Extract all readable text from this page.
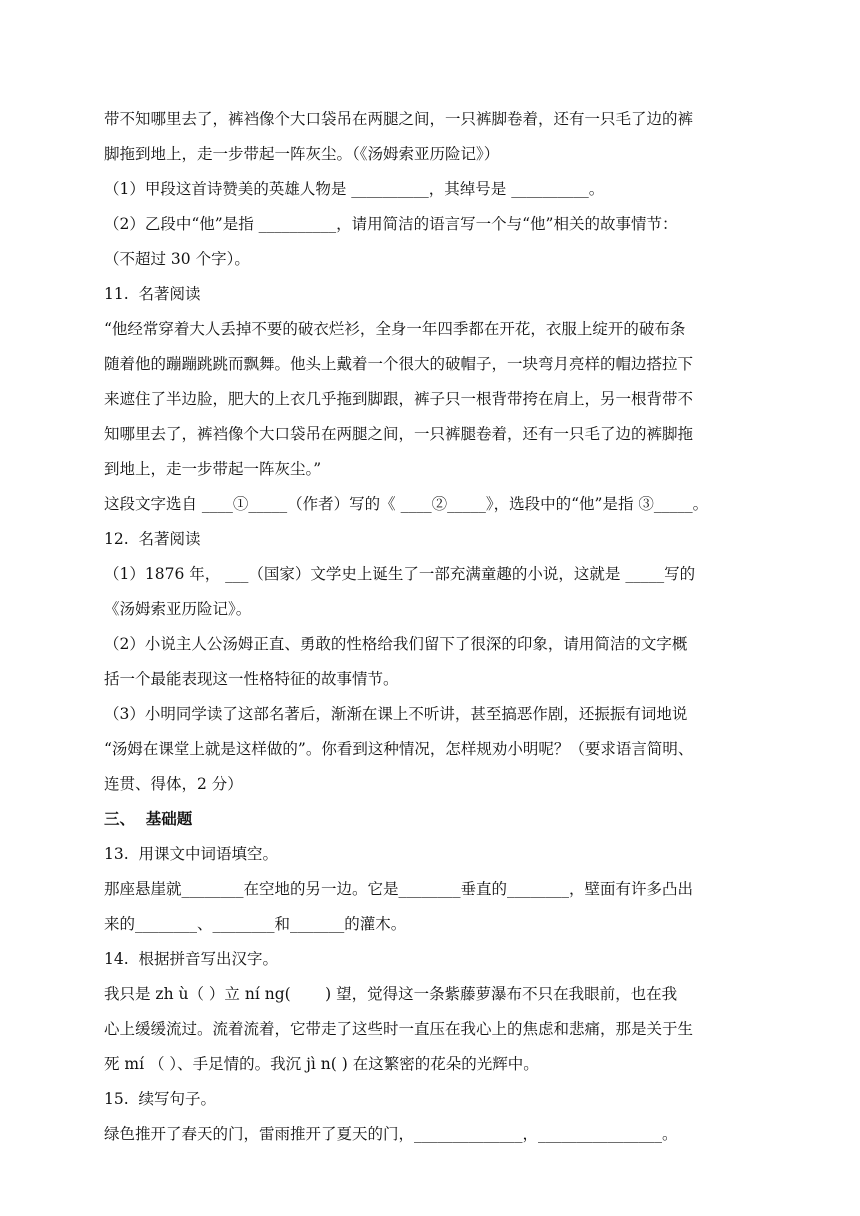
带不知哪里去了，裤裆像个大口袋吊在两腿之间，一只裤脚卷着，还有一只毛了边的裤
脚拖到地上，走一步带起一阵灰尘。（《汤姆索亚历险记》）
（1）甲段这首诗赞美的英雄人物是 __________，其绰号是 __________。
（2）乙段中“他”是指 __________，请用简洁的语言写一个与“他”相关的故事情节：
（不超过 30 个字）。
11.  名著阅读
“他经常穿着大人丢掉不要的破衣烂衫，全身一年四季都在开花，衣服上绽开的破布条
随着他的蹦蹦跳跳而飘舞。他头上戴着一个很大的破帽子，一块弯月亮样的帽边搭拉下
来遮住了半边脸，肥大的上衣几乎拖到脚跟，裤子只一根背带挎在肩上，另一根背带不
知哪里去了，裤裆像个大口袋吊在两腿之间，一只裤腿卷着，还有一只毛了边的裤脚拖
到地上，走一步带起一阵灰尘。”
这段文字选自 ____①_____（作者）写的《 ____②_____》，选段中的“他”是指 ③_____。
12.  名著阅读
（1）1876 年， ___（国家）文学史上诞生了一部充满童趣的小说，这就是 _____写的
《汤姆索亚历险记》。
（2）小说主人公汤姆正直、勇敢的性格给我们留下了很深的印象，请用简洁的文字概
括一个最能表现这一性格特征的故事情节。
（3）小明同学读了这部名著后，渐渐在课上不听讲，甚至搞恶作剧，还振振有词地说
“汤姆在课堂上就是这样做的”。你看到这种情况，怎样规劝小明呢？（要求语言简明、
连贯、得体，2 分）
三、  基础题
13.  用课文中词语填空。
那座悬崖就________在空地的另一边。它是________垂直的________，壁面有许多凸出
来的________、________和_______的灌木。
14.  根据拼音写出汉字。
我只是 zh ù（ ）立 ní ng(       ) 望，觉得这一条紫藤萝瀑布不只在我眼前，也在我
心上缓缓流过。流着流着，它带走了这些时一直压在我心上的焦虑和悲痛，那是关于生
死 mí （ ）、手足情的。我沉 jì n( ) 在这繁密的花朵的光辉中。
15.  续写句子。
绿色推开了春天的门，雷雨推开了夏天的门，______________，________________。
